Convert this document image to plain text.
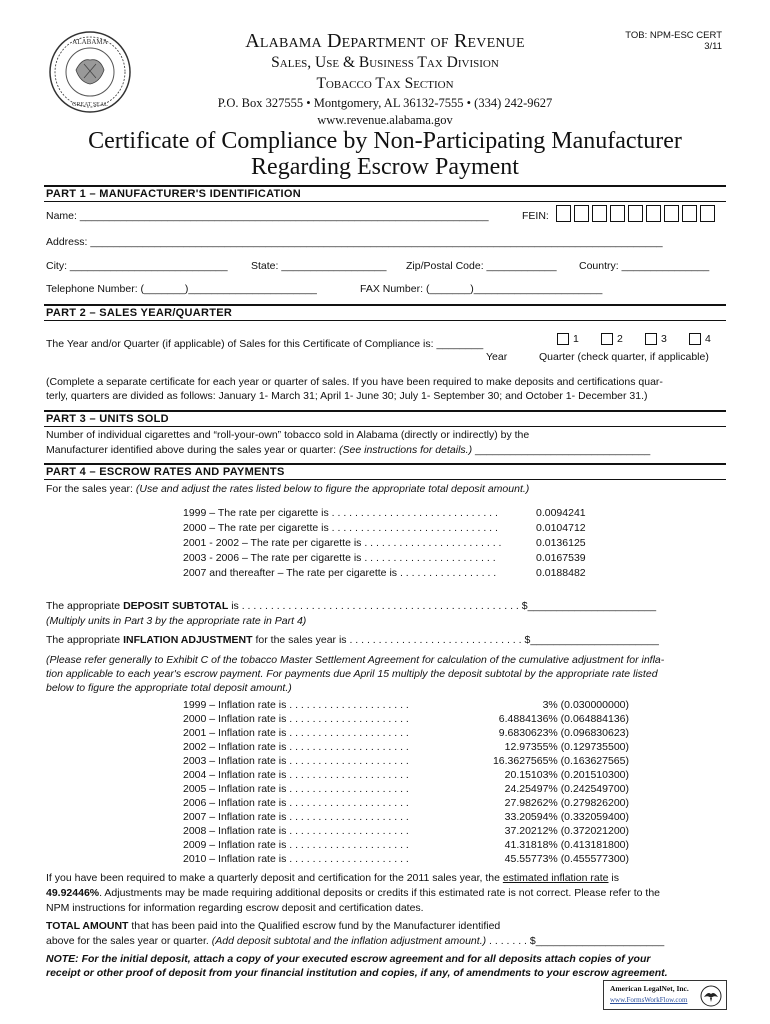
ALABAMA
GREAT SEAL
Alabama Department of Revenue
Sales, Use & Business Tax Division
Tobacco Tax Section
P.O. Box 327555 • Montgomery, AL 36132-7555 • (334) 242-9627
www.revenue.alabama.gov
TOB: NPM-ESC CERT
3/11
Certificate of Compliance by Non-Participating Manufacturer
Regarding Escrow Payment
PART 1 – MANUFACTURER'S IDENTIFICATION
Name: ______________________________________________________________________	FEIN:
Address: __________________________________________________________________________________________________
City: ___________________________ State: __________________ Zip/Postal Code: ____________ Country: _______________
Telephone Number: (_______)______________________	FAX Number: (_______)______________________
PART 2 – SALES YEAR/QUARTER
The Year and/or Quarter (if applicable) of Sales for this Certificate of Compliance is: ________	1	2	3	4
Year	Quarter (check quarter, if applicable)
(Complete a separate certificate for each year or quarter of sales. If you have been required to make deposits and certifications quar-
terly, quarters are divided as follows: January 1- March 31; April 1- June 30; July 1- September 30; and October 1- December 31.)
PART 3 – UNITS SOLD
Number of individual cigarettes and “roll-your-own” tobacco sold in Alabama (directly or indirectly) by the
Manufacturer identified above during the sales year or quarter: (See instructions for details.) ______________________________
PART 4 – ESCROW RATES AND PAYMENTS
For the sales year: (Use and adjust the rates listed below to figure the appropriate total deposit amount.)
1999 – The rate per cigarette is . . . . . . . . . . . . . . . . . . . . . . . . . . . . .	0.0094241
2000 – The rate per cigarette is . . . . . . . . . . . . . . . . . . . . . . . . . . . . .	0.0104712
2001 - 2002 – The rate per cigarette is . . . . . . . . . . . . . . . . . . . . . . . .	0.0136125
2003 - 2006 – The rate per cigarette is . . . . . . . . . . . . . . . . . . . . . . .	0.0167539
2007 and thereafter – The rate per cigarette is . . . . . . . . . . . . . . . . .	0.0188482
The appropriate DEPOSIT SUBTOTAL is . . . . . . . . . . . . . . . . . . . . . . . . . . . . . . . . . . . . . . . . . . . . . . . . $______________________
(Multiply units in Part 3 by the appropriate rate in Part 4)
The appropriate INFLATION ADJUSTMENT for the sales year is . . . . . . . . . . . . . . . . . . . . . . . . . . . . . . $______________________
(Please refer generally to Exhibit C of the tobacco Master Settlement Agreement for calculation of the cumulative adjustment for infla-
tion applicable to each year's escrow payment. For payments due April 15 multiply the deposit subtotal by the appropriate rate listed
below to figure the appropriate total deposit amount.)
1999 – Inflation rate is . . . . . . . . . . . . . . . . . . . . .	3% (0.030000000)
2000 – Inflation rate is . . . . . . . . . . . . . . . . . . . . .	6.4884136% (0.064884136)
2001 – Inflation rate is . . . . . . . . . . . . . . . . . . . . .	9.6830623% (0.096830623)
2002 – Inflation rate is . . . . . . . . . . . . . . . . . . . . .	12.97355% (0.129735500)
2003 – Inflation rate is . . . . . . . . . . . . . . . . . . . . .	16.3627565% (0.163627565)
2004 – Inflation rate is . . . . . . . . . . . . . . . . . . . . .	20.15103% (0.201510300)
2005 – Inflation rate is . . . . . . . . . . . . . . . . . . . . .	24.25497% (0.242549700)
2006 – Inflation rate is . . . . . . . . . . . . . . . . . . . . .	27.98262% (0.279826200)
2007 – Inflation rate is . . . . . . . . . . . . . . . . . . . . .	33.20594% (0.332059400)
2008 – Inflation rate is . . . . . . . . . . . . . . . . . . . . .	37.20212% (0.372021200)
2009 – Inflation rate is . . . . . . . . . . . . . . . . . . . . .	41.31818% (0.413181800)
2010 – Inflation rate is . . . . . . . . . . . . . . . . . . . . .	45.55773% (0.455577300)
If you have been required to make a quarterly deposit and certification for the 2011 sales year, the estimated inflation rate is
49.92446%. Adjustments may be made requiring additional deposits or credits if this estimated rate is not correct. Please refer to the
NPM instructions for information regarding escrow deposit and certification dates.
TOTAL AMOUNT that has been paid into the Qualified escrow fund by the Manufacturer identified
above for the sales year or quarter. (Add deposit subtotal and the inflation adjustment amount.) . . . . . . . $______________________
NOTE: For the initial deposit, attach a copy of your executed escrow agreement and for all deposits attach copies of your
receipt or other proof of deposit from your financial institution and copies, if any, of amendments to your escrow agreement.
American LegalNet, Inc.
www.FormsWorkFlow.com
